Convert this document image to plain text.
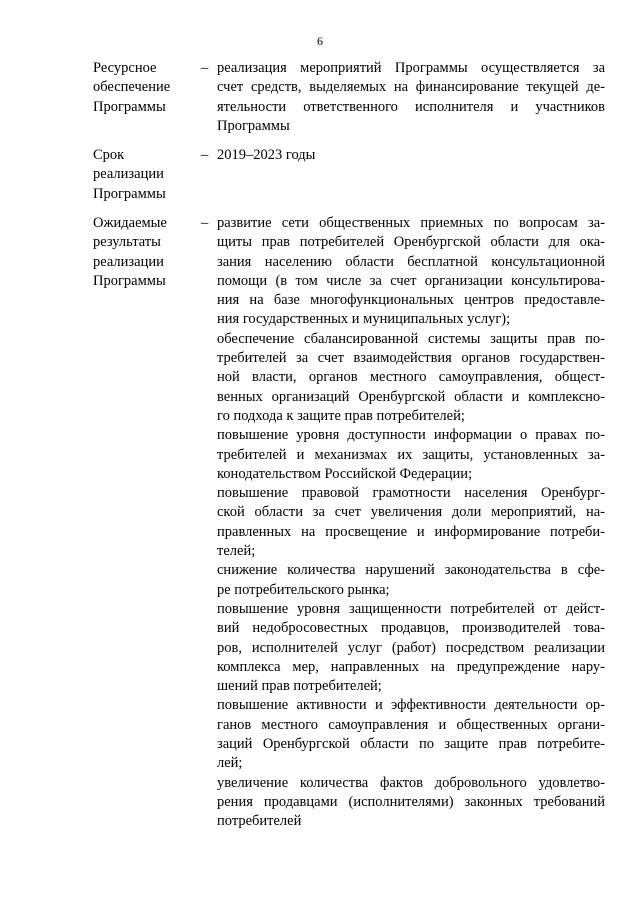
6
Ресурсное
обеспечение
Программы
– реализация мероприятий Программы осуществляется за
счет средств, выделяемых на финансирование текущей де-
ятельности ответственного исполнителя и участников
Программы
Срок
реализации
Программы
– 2019–2023 годы
Ожидаемые
результаты
реализации
Программы
– развитие сети общественных приемных по вопросам за-
щиты прав потребителей Оренбургской области для ока-
зания населению области бесплатной консультационной
помощи (в том числе за счет организации консультирова-
ния на базе многофункциональных центров предоставле-
ния государственных и муниципальных услуг);
обеспечение сбалансированной системы защиты прав по-
требителей за счет взаимодействия органов государствен-
ной власти, органов местного самоуправления, общест-
венных организаций Оренбургской области и комплексно-
го подхода к защите прав потребителей;
повышение уровня доступности информации о правах по-
требителей и механизмах их защиты, установленных за-
конодательством Российской Федерации;
повышение правовой грамотности населения Оренбург-
ской области за счет увеличения доли мероприятий, на-
правленных на просвещение и информирование потреби-
телей;
снижение количества нарушений законодательства в сфе-
ре потребительского рынка;
повышение уровня защищенности потребителей от дейст-
вий недобросовестных продавцов, производителей това-
ров, исполнителей услуг (работ) посредством реализации
комплекса мер, направленных на предупреждение нару-
шений прав потребителей;
повышение активности и эффективности деятельности ор-
ганов местного самоуправления и общественных органи-
заций Оренбургской области по защите прав потребите-
лей;
увеличение количества фактов добровольного удовлетво-
рения продавцами (исполнителями) законных требований
потребителей
